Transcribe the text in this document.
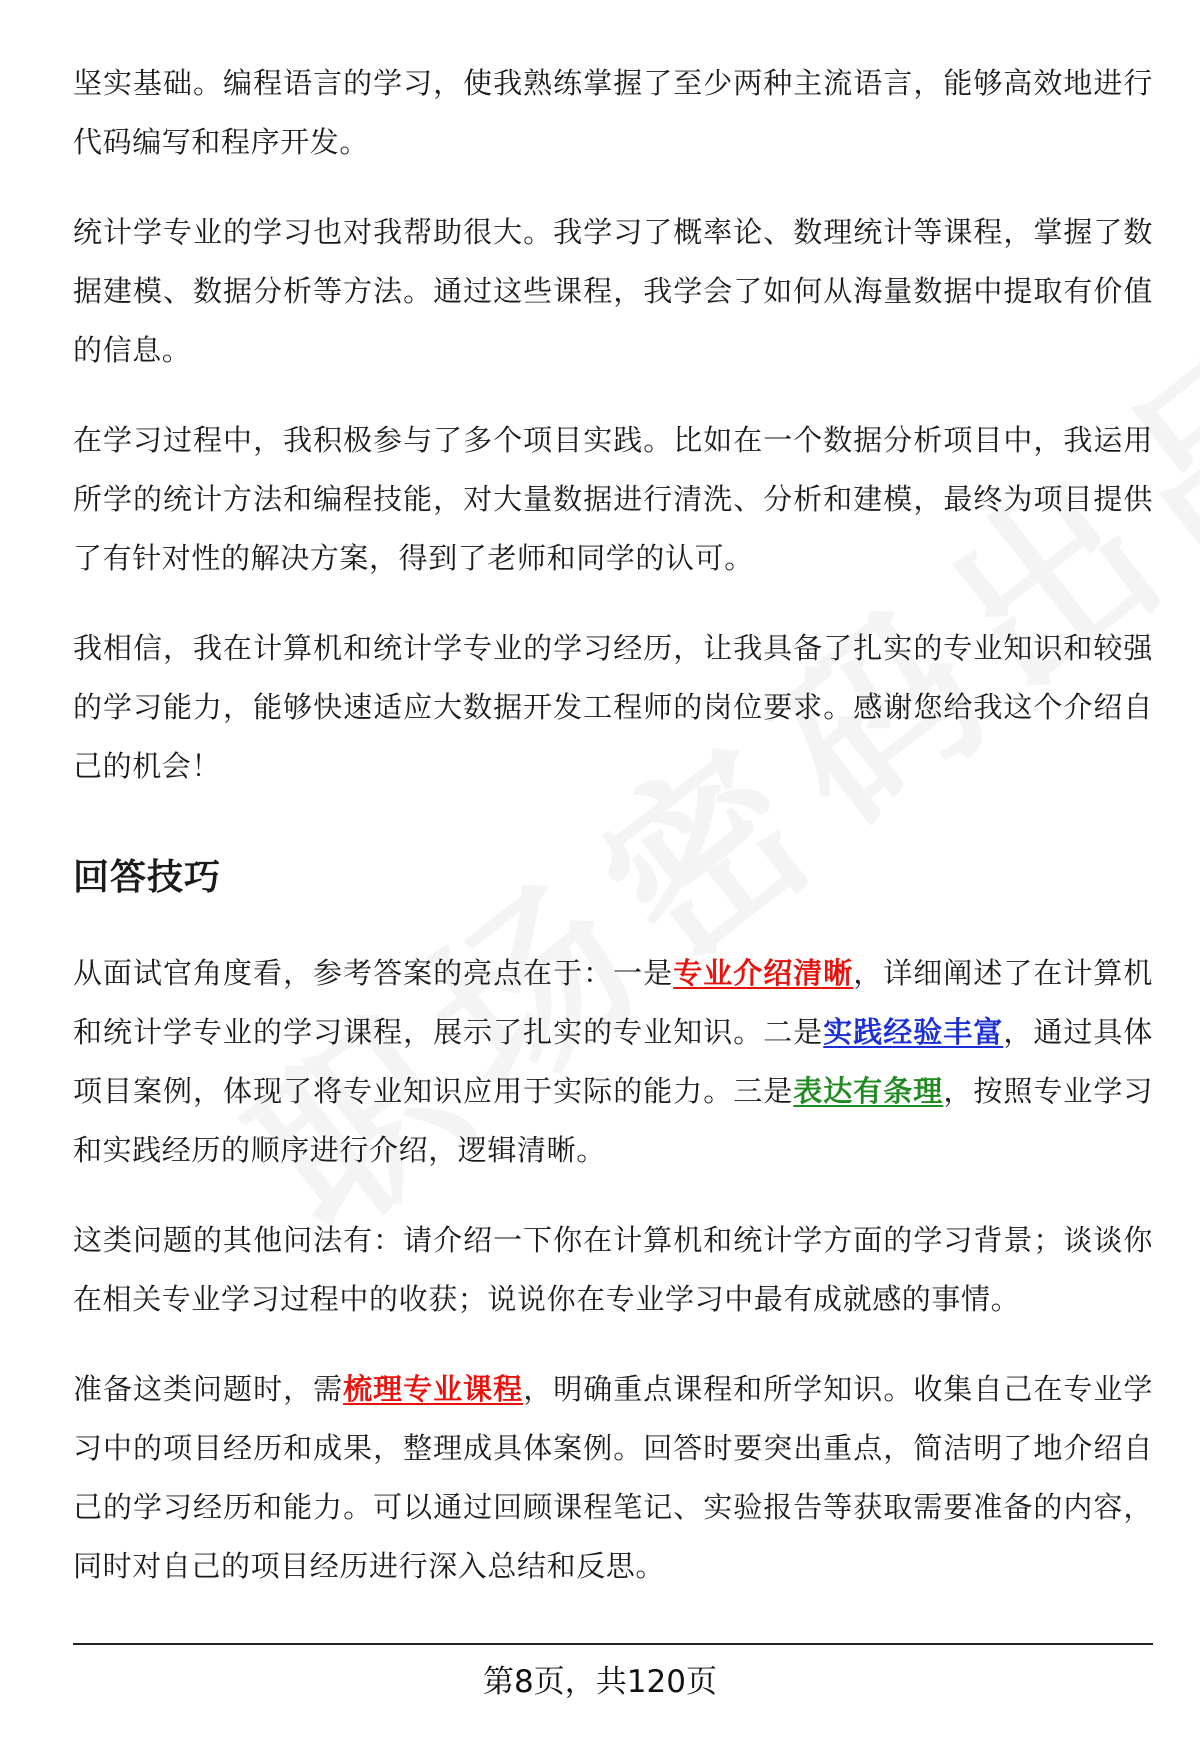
坚实基础。编程语言的学习，使我熟练掌握了至少两种主流语言，能够高效地进行代码编写和程序开发。

统计学专业的学习也对我帮助很大。我学习了概率论、数理统计等课程，掌握了数据建模、数据分析等方法。通过这些课程，我学会了如何从海量数据中提取有价值的信息。

在学习过程中，我积极参与了多个项目实践。比如在一个数据分析项目中，我运用所学的统计方法和编程技能，对大量数据进行清洗、分析和建模，最终为项目提供了有针对性的解决方案，得到了老师和同学的认可。

我相信，我在计算机和统计学专业的学习经历，让我具备了扎实的专业知识和较强的学习能力，能够快速适应大数据开发工程师的岗位要求。感谢您给我这个介绍自己的机会！

回答技巧

从面试官角度看，参考答案的亮点在于：一是专业介绍清晰，详细阐述了在计算机和统计学专业的学习课程，展示了扎实的专业知识。二是实践经验丰富，通过具体项目案例，体现了将专业知识应用于实际的能力。三是表达有条理，按照专业学习和实践经历的顺序进行介绍，逻辑清晰。

这类问题的其他问法有：请介绍一下你在计算机和统计学方面的学习背景；谈谈你在相关专业学习过程中的收获；说说你在专业学习中最有成就感的事情。

准备这类问题时，需梳理专业课程，明确重点课程和所学知识。收集自己在专业学习中的项目经历和成果，整理成具体案例。回答时要突出重点，简洁明了地介绍自己的学习经历和能力。可以通过回顾课程笔记、实验报告等获取需要准备的内容，同时对自己的项目经历进行深入总结和反思。

第8页，共120页
